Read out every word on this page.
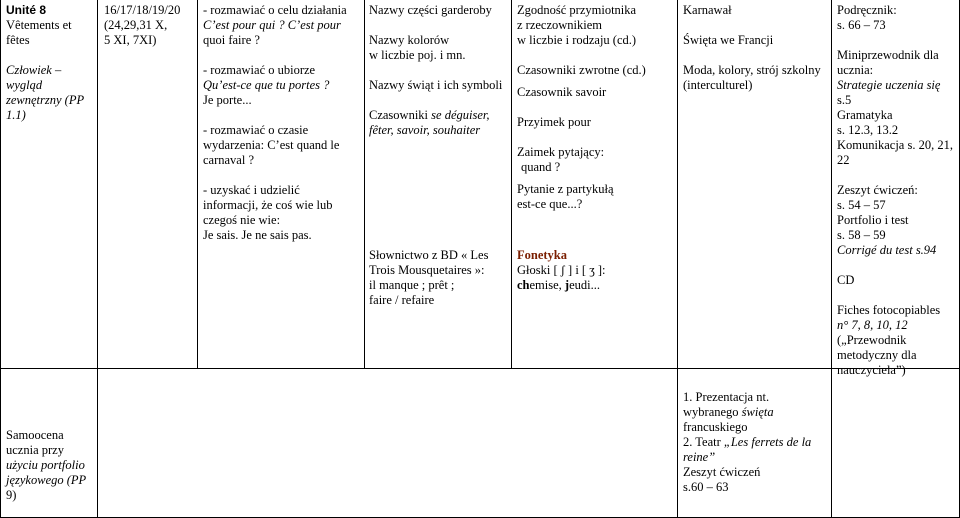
Unité 8
Vêtements et
fêtes
Człowiek –
wygląd
zewnętrzny (PP
1.1)
Samoocena
ucznia przy
użyciu portfolio
językowego (PP
9)
16/17/18/19/20
(24,29,31 X,
5 XI, 7XI)
- rozmawiać o celu działania
C’est pour qui ? C’est pour
quoi faire ?
- rozmawiać o ubiorze
Qu’est-ce que tu portes ?
Je porte...
- rozmawiać o czasie
wydarzenia: C’est quand le
carnaval ?
- uzyskać i udzielić
informacji, że coś wie lub
czegoś nie wie:
Je sais. Je ne sais pas.
Nazwy części garderoby
Nazwy kolorów
w liczbie poj. i mn.
Nazwy świąt i ich symboli
Czasowniki se déguiser,
fêter, savoir, souhaiter
Słownictwo z BD « Les
Trois Mousquetaires »:
il manque ; prêt ;
faire / refaire
Zgodność przymiotnika
z rzeczownikiem
w liczbie i rodzaju (cd.)
Czasowniki zwrotne (cd.)
Czasownik savoir
Przyimek pour
Zaimek pytający:
quand ?
Pytanie z partykułą
est-ce que...?
Fonetyka
Głoski [ ʃ ] i [ ʒ ]:
chemise, jeudi...
Karnawał
Święta we Francji
Moda, kolory, strój szkolny
(interculturel)
1. Prezentacja nt.
wybranego święta
francuskiego
2. Teatr „Les ferrets de la
reine”
Zeszyt ćwiczeń
s.60 – 63
Podręcznik:
s. 66 – 73
Miniprzewodnik dla
ucznia:
Strategie uczenia się
s.5
Gramatyka
s. 12.3, 13.2
Komunikacja s. 20, 21,
22
Zeszyt ćwiczeń:
s. 54 – 57
Portfolio i test
s. 58 – 59
Corrigé du test s.94
CD
Fiches fotocopiables
n° 7, 8, 10, 12
(„Przewodnik
metodyczny dla
nauczyciela”)
